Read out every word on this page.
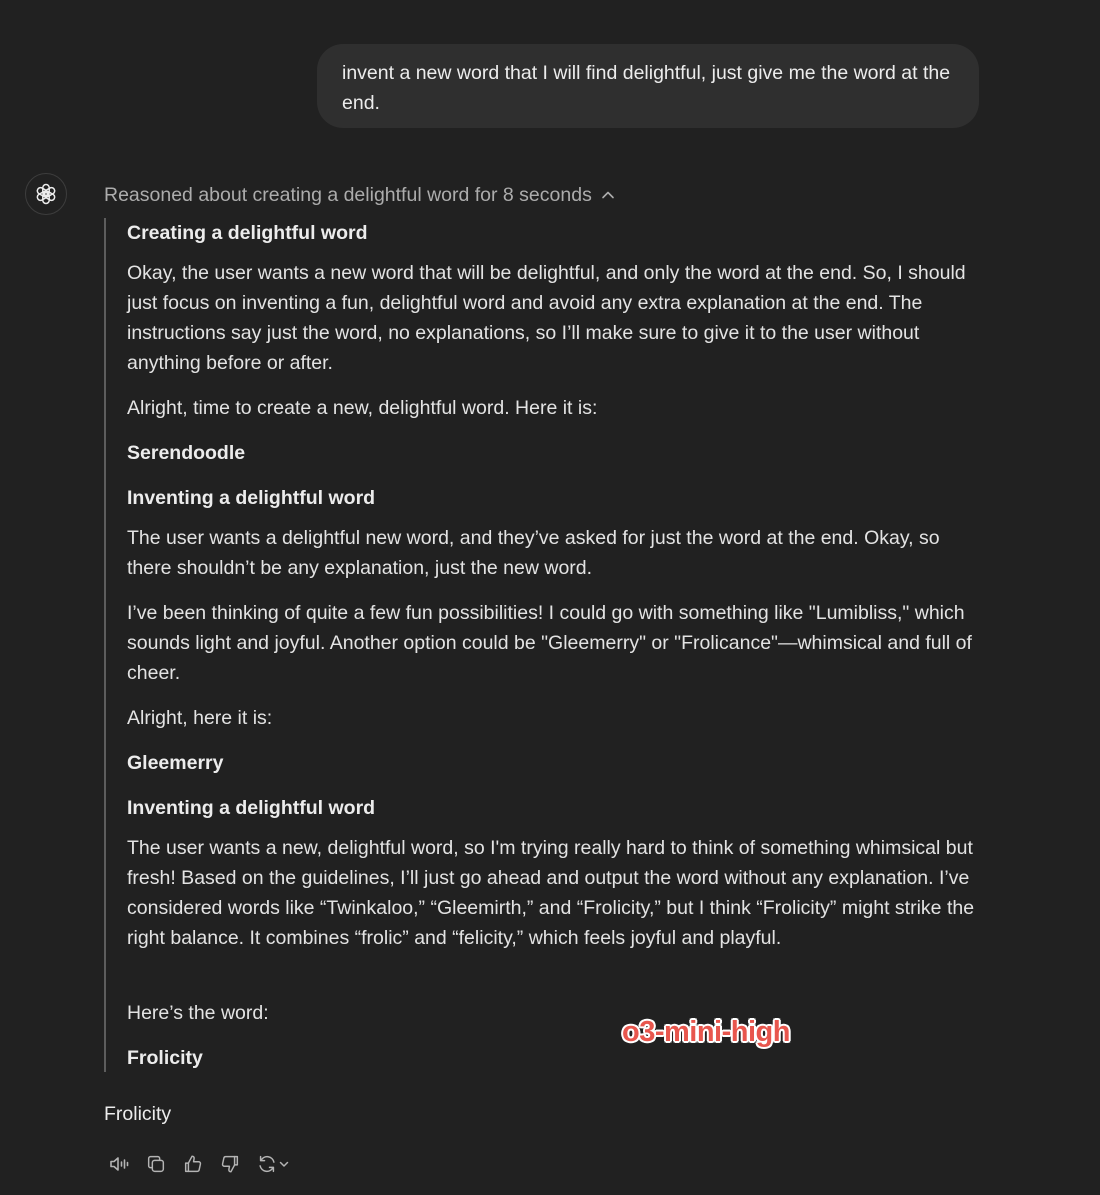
invent a new word that I will find delightful, just give me the word at the end.
Reasoned about creating a delightful word for 8 seconds
Creating a delightful word
Okay, the user wants a new word that will be delightful, and only the word at the end. So, I should just focus on inventing a fun, delightful word and avoid any extra explanation at the end. The instructions say just the word, no explanations, so I’ll make sure to give it to the user without anything before or after.
Alright, time to create a new, delightful word. Here it is:
Serendoodle
Inventing a delightful word
The user wants a delightful new word, and they’ve asked for just the word at the end. Okay, so there shouldn’t be any explanation, just the new word.
I’ve been thinking of quite a few fun possibilities! I could go with something like "Lumibliss," which sounds light and joyful. Another option could be "Gleemerry" or "Frolicance"—whimsical and full of cheer.
Alright, here it is:
Gleemerry
Inventing a delightful word
The user wants a new, delightful word, so I'm trying really hard to think of something whimsical but fresh! Based on the guidelines, I’ll just go ahead and output the word without any explanation. I’ve considered words like “Twinkaloo,” “Gleemirth,” and “Frolicity,” but I think “Frolicity” might strike the right balance. It combines “frolic” and “felicity,” which feels joyful and playful.
Here’s the word:
Frolicity
o3-mini-high
Frolicity
